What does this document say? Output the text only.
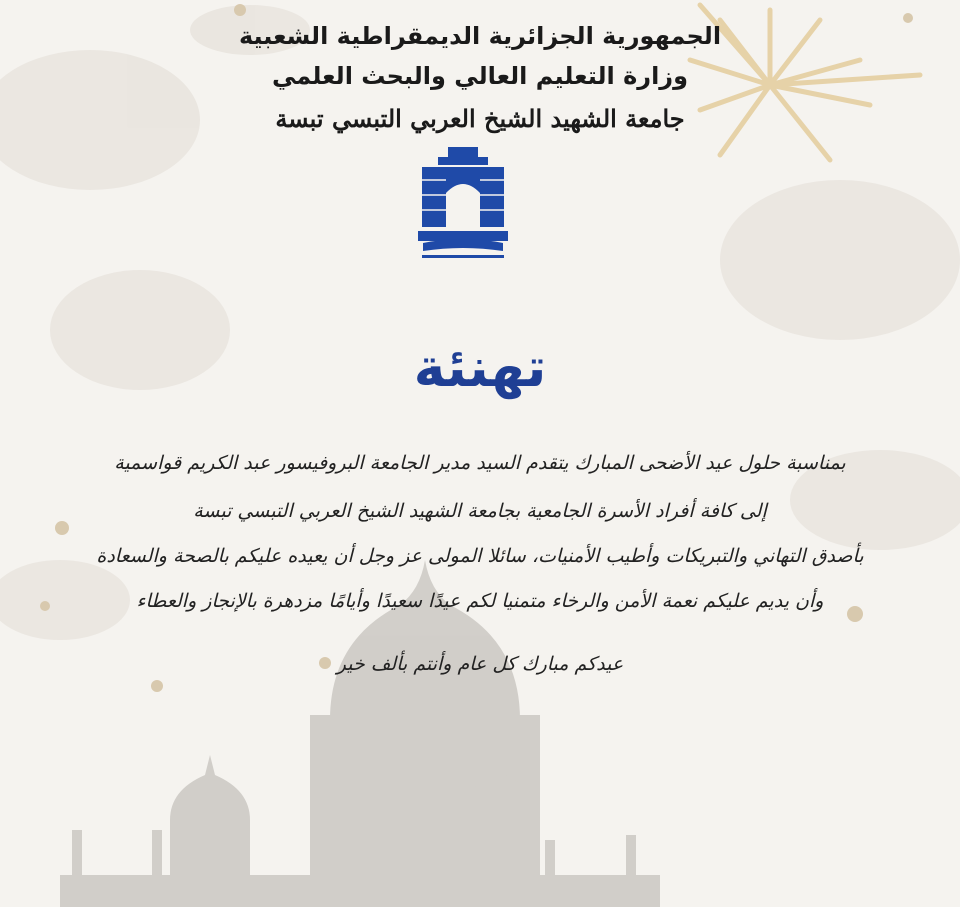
الجمهورية الجزائرية الديمقراطية الشعبية
وزارة التعليم العالي والبحث العلمي
جامعة الشهيد الشيخ العربي التبسي تبسة
تهنئة
بمناسبة حلول عيد الأضحى المبارك يتقدم السيد مدير الجامعة البروفيسور عبد الكريم قواسمية
إلى كافة أفراد الأسرة الجامعية بجامعة الشهيد الشيخ العربي التبسي تبسة
بأصدق التهاني والتبريكات وأطيب الأمنيات، سائلا المولى عز وجل أن يعيده عليكم بالصحة والسعادة
وأن يديم عليكم نعمة الأمن والرخاء متمنيا لكم عيدًا سعيدًا وأيامًا مزدهرة بالإنجاز والعطاء
عيدكم مبارك كل عام وأنتم بألف خير
